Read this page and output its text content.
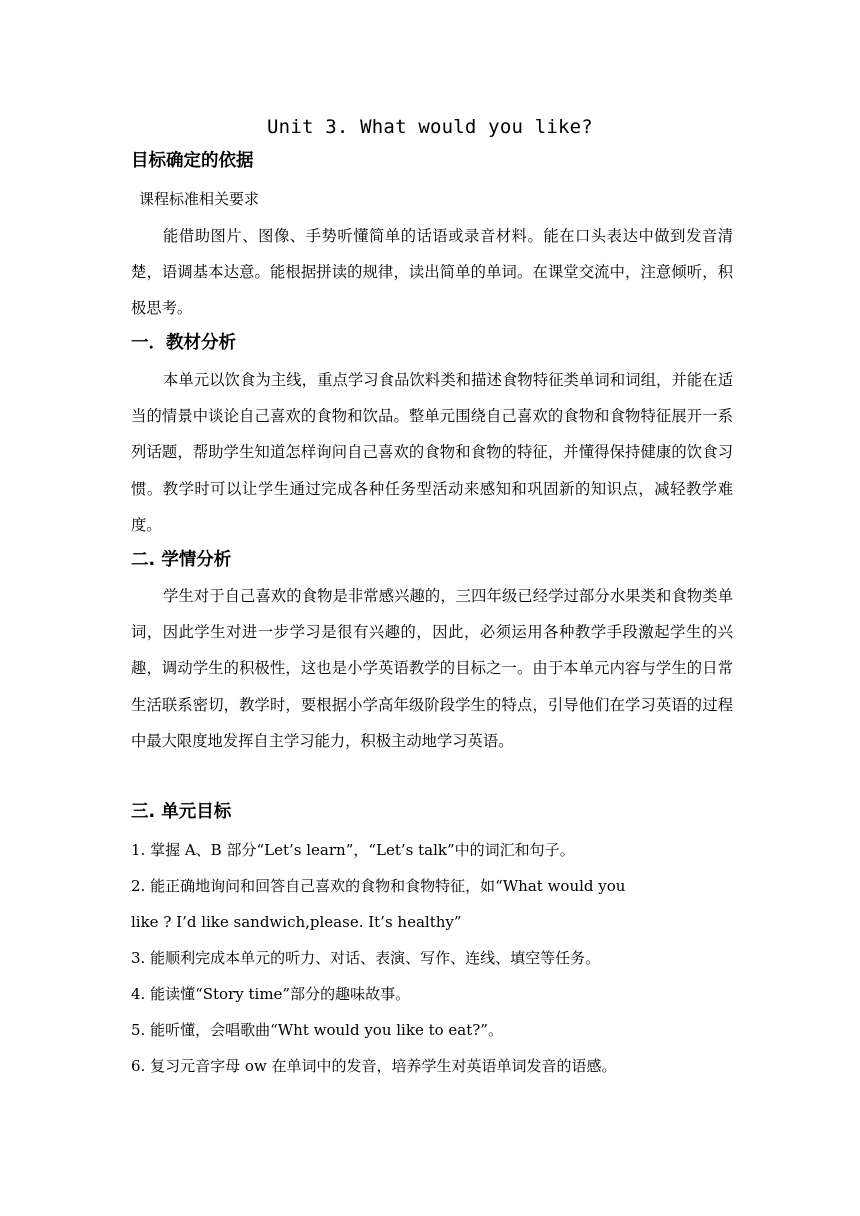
Unit 3. What would you like?
目标确定的依据
课程标准相关要求

能借助图片、图像、手势听懂简单的话语或录音材料。能在口头表达中做到发音清楚，语调基本达意。能根据拼读的规律，读出简单的单词。在课堂交流中，注意倾听，积极思考。

一．教材分析

本单元以饮食为主线，重点学习食品饮料类和描述食物特征类单词和词组，并能在适当的情景中谈论自己喜欢的食物和饮品。整单元围绕自己喜欢的食物和食物特征展开一系列话题，帮助学生知道怎样询问自己喜欢的食物和食物的特征，并懂得保持健康的饮食习惯。教学时可以让学生通过完成各种任务型活动来感知和巩固新的知识点，减轻教学难度。

二. 学情分析

学生对于自己喜欢的食物是非常感兴趣的，三四年级已经学过部分水果类和食物类单词，因此学生对进一步学习是很有兴趣的，因此，必须运用各种教学手段激起学生的兴趣，调动学生的积极性，这也是小学英语教学的目标之一。由于本单元内容与学生的日常生活联系密切，教学时，要根据小学高年级阶段学生的特点，引导他们在学习英语的过程中最大限度地发挥自主学习能力，积极主动地学习英语。

三. 单元目标
1. 掌握 A、B 部分“Let’s learn”，“Let’s talk”中的词汇和句子。
2. 能正确地询问和回答自己喜欢的食物和食物特征，如“What would you
like ? I’d like sandwich,please. It’s healthy”
3. 能顺利完成本单元的听力、对话、表演、写作、连线、填空等任务。
4. 能读懂“Story time”部分的趣味故事。
5. 能听懂，会唱歌曲“Wht would you like to eat?”。
6. 复习元音字母 ow 在单词中的发音，培养学生对英语单词发音的语感。
